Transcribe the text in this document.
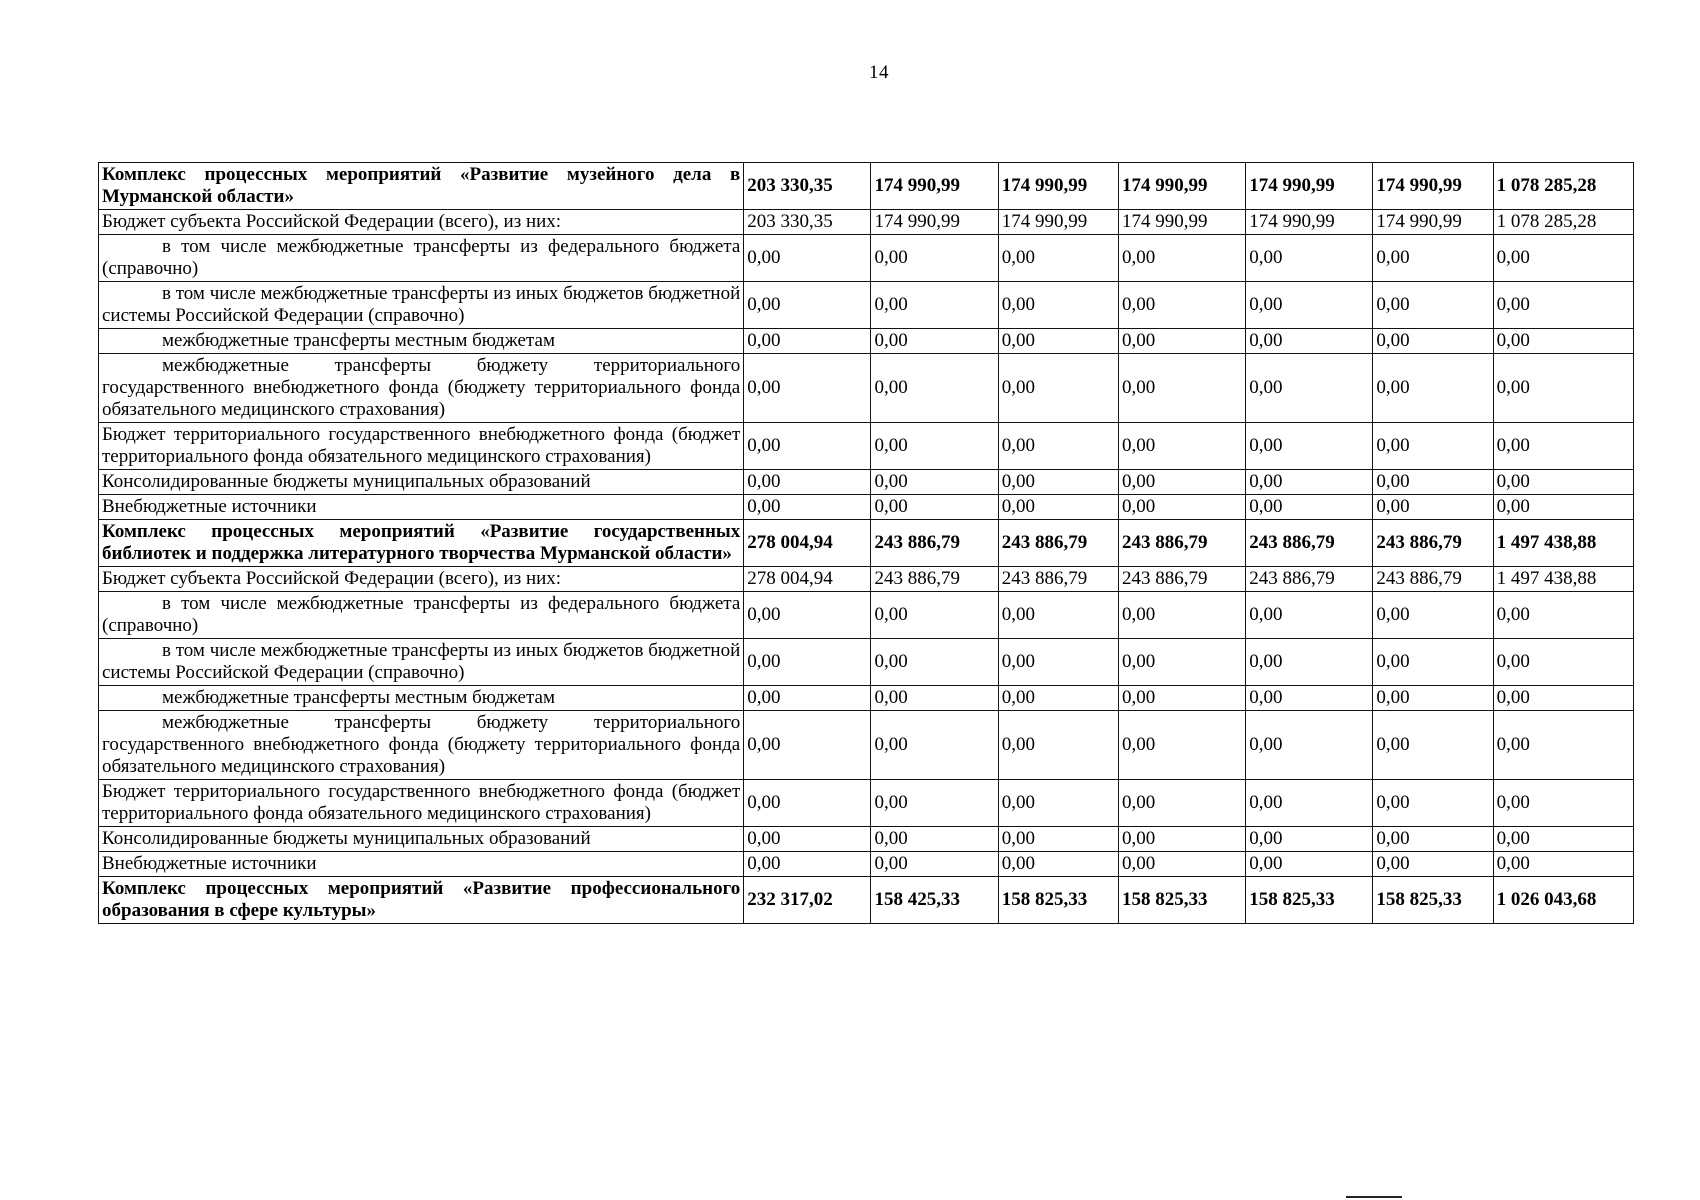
14
Комплекс процессных мероприятий «Развитие музейного дела в Мурманской области»	203 330,35	174 990,99	174 990,99	174 990,99	174 990,99	174 990,99	1 078 285,28
Бюджет субъекта Российской Федерации (всего), из них:	203 330,35	174 990,99	174 990,99	174 990,99	174 990,99	174 990,99	1 078 285,28
в том числе межбюджетные трансферты из федерального бюджета (справочно)	0,00	0,00	0,00	0,00	0,00	0,00	0,00
в том числе межбюджетные трансферты из иных бюджетов бюджетной системы Российской Федерации (справочно)	0,00	0,00	0,00	0,00	0,00	0,00	0,00
межбюджетные трансферты местным бюджетам	0,00	0,00	0,00	0,00	0,00	0,00	0,00
межбюджетные трансферты бюджету территориального государственного внебюджетного фонда (бюджету территориального фонда обязательного медицинского страхования)	0,00	0,00	0,00	0,00	0,00	0,00	0,00
Бюджет территориального государственного внебюджетного фонда (бюджет территориального фонда обязательного медицинского страхования)	0,00	0,00	0,00	0,00	0,00	0,00	0,00
Консолидированные бюджеты муниципальных образований	0,00	0,00	0,00	0,00	0,00	0,00	0,00
Внебюджетные источники	0,00	0,00	0,00	0,00	0,00	0,00	0,00
Комплекс процессных мероприятий «Развитие государственных библиотек и поддержка литературного творчества Мурманской области»	278 004,94	243 886,79	243 886,79	243 886,79	243 886,79	243 886,79	1 497 438,88
Бюджет субъекта Российской Федерации (всего), из них:	278 004,94	243 886,79	243 886,79	243 886,79	243 886,79	243 886,79	1 497 438,88
в том числе межбюджетные трансферты из федерального бюджета (справочно)	0,00	0,00	0,00	0,00	0,00	0,00	0,00
в том числе межбюджетные трансферты из иных бюджетов бюджетной системы Российской Федерации (справочно)	0,00	0,00	0,00	0,00	0,00	0,00	0,00
межбюджетные трансферты местным бюджетам	0,00	0,00	0,00	0,00	0,00	0,00	0,00
межбюджетные трансферты бюджету территориального государственного внебюджетного фонда (бюджету территориального фонда обязательного медицинского страхования)	0,00	0,00	0,00	0,00	0,00	0,00	0,00
Бюджет территориального государственного внебюджетного фонда (бюджет территориального фонда обязательного медицинского страхования)	0,00	0,00	0,00	0,00	0,00	0,00	0,00
Консолидированные бюджеты муниципальных образований	0,00	0,00	0,00	0,00	0,00	0,00	0,00
Внебюджетные источники	0,00	0,00	0,00	0,00	0,00	0,00	0,00
Комплекс процессных мероприятий «Развитие профессионального образования в сфере культуры»	232 317,02	158 425,33	158 825,33	158 825,33	158 825,33	158 825,33	1 026 043,68
